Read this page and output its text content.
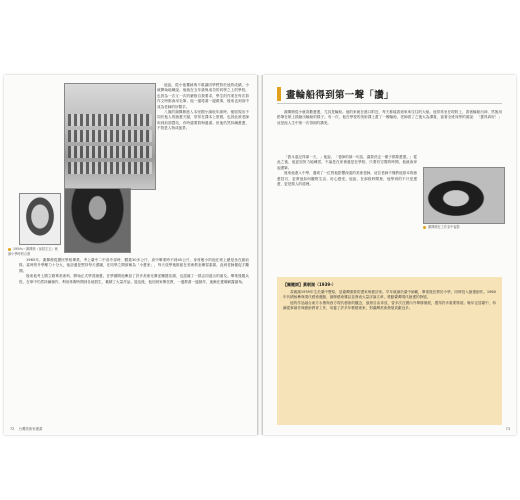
他說，從小他獨就與不敢讓同學們對於他的成績，小就開始地練說，他就在五年級與成功的同學之上的學校，也因為一次又一次的嚴格自我要求，學生的作業在每次寫作文時都會用毛筆，他一邊唸書一邊做事，後來也到高中成為老師的好幫手。

八歲的謝揮鼎進入本里國小讀低年級時，便展現出不同於他人的繪畫天賦，常常在課本上塗鴉，也因此被老師叫到前面罰站，有時還要寫悔過書。但他仍然持續畫畫，不管是人物或風景。

1950s～謝揮鼎（前排左五）就讀小學時的合照

1965年，謝揮鼎從國民學校畢業，考上臺中二中高中部時，體重30多公斤，高中畢業時不到45公斤，身材瘦小的他在班上總是坐在最前排。當時的升學壓力十分大，他卻還是堅持每天畫圖，在同學之間被稱為「小畫家」，每天放學後都留在美術教室練習素描，直到老師催促才離開。

後來他考上國立藝專美術科，開始正式學習繪畫。在學期間他參加了許多美術比賽並屢獲佳績，也認識了一群志同道合的朋友。畢業後服兵役，在軍中仍然持續創作，利用休假時間到各地寫生，累積了大量作品。退伍後，他回到家鄉任教，一邊教書一邊創作，逐漸在畫壇嶄露頭角。

72 台灣美術家叢書
畫輪船得到第一聲「讚」

謝揮鼎從小就喜歡畫畫，尤其是輪船。他的家就在港口附近，每天都能看到來來往往的大船。他常常坐在堤防上，看著輪船出神，然後用鉛筆在紙上描繪出輪船的樣子。有一次，他在學校的美術課上畫了一艘輪船，老師看了之後大為讚賞，當著全班同學的面說：「畫得真好！」這是他人生中第一次得到的讚美。

「我永遠記得那一天，」他說，「老師的那一句話，讓我決定一輩子都要畫畫。」從此之後，他更加努力地練習，不論是在家裡還是在學校，只要有空閒的時間，他就會拿起畫筆。

後來他進入中學，遇到了一位對他影響深遠的美術老師，這位老師不僅教他基本的繪畫技巧，更教他如何觀察生活、用心感受。他說，在那段時間裡，他學到的不只是畫畫，更是做人的道理。

謝揮鼎在工作室中留影
【關鍵詞】黃朝湖（1939-）

黃朝湖1939年生於臺中豐原，是臺灣重要的畫家與藝評家。早年就讀於臺中師範，畢業後任教於小學，同時投入繪畫創作。1960年代積極參與現代藝術運動，創辦藝術雜誌並發表大量評論文章，推動臺灣現代繪畫的發展。

他的作品融合東方水墨與西方現代藝術的觀念，風格自由奔放，曾多次在國內外舉辦個展，獲得許多重要獎項。晚年定居臺中，持續從事創作與藝術教育工作，培養了許多年輕藝術家，對臺灣美術發展貢獻良多。

73
